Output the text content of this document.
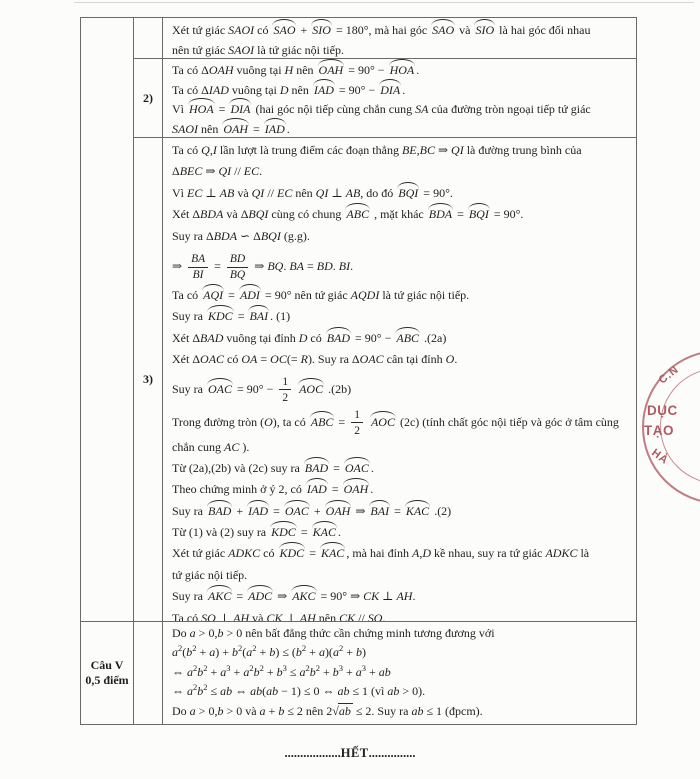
Xét tứ giác SAOI có SAO + SIO = 180°, mà hai góc SAO và SIO là hai góc đối nhau
nên tứ giác SAOI là tứ giác nội tiếp.
2)
Ta có ΔOAH vuông tại H nên OAH = 90° − HOA .
Ta có ΔIAD vuông tại D nên IAD = 90° − DIA .
Vì HOA = DIA (hai góc nội tiếp cùng chắn cung SA của đường tròn ngoại tiếp tứ giác
SAOI nên OAH = IAD .
3)
Ta có Q,I lần lượt là trung điểm các đoạn thẳng BE,BC ⇒ QI là đường trung bình của
ΔBEC ⇒ QI // EC.
Vì EC ⊥ AB và QI // EC nên QI ⊥ AB, do đó BQI = 90°.
Xét ΔBDA và ΔBQI cùng có chung ABC , mặt khác BDA = BQI = 90°.
Suy ra ΔBDA ∽ ΔBQI (g.g).
⇒ $\frac{BA}{BI} = \frac{BD}{BQ}$ ⇒ BQ. BA = BD. BI.
Ta có AQI = ADI = 90° nên tứ giác AQDI là tứ giác nội tiếp.
Suy ra KDC = BAI . (1)
Xét ΔBAD vuông tại đỉnh D có BAD = 90° − ABC .(2a)
Xét ΔOAC có OA = OC(= R). Suy ra ΔOAC cân tại đỉnh O.
Suy ra OAC = $90^\circ - \frac{1}{2}$ AOC .(2b)
Trong đường tròn (O), ta có ABC = $\frac{1}{2}$ AOC (2c) (tính chất góc nội tiếp và góc ở tâm cùng
chắn cung AC ).
Từ (2a),(2b) và (2c) suy ra BAD = OAC .
Theo chứng minh ở ý 2, có IAD = OAH .
Suy ra BAD + IAD = OAC + OAH ⇒ BAI = KAC .(2)
Từ (1) và (2) suy ra KDC = KAC .
Xét tứ giác ADKC có KDC = KAC , mà hai đỉnh A,D kề nhau, suy ra tứ giác ADKC là
tứ giác nội tiếp.
Suy ra AKC = ADC ⇒ AKC = 90° ⇒ CK ⊥ AH.
Ta có SO ⊥ AH và CK ⊥ AH nên CK // SO.
Câu V
0,5 điểm
Do a > 0,b > 0 nên bất đẳng thức cần chứng minh tương đương với
$a^2(b^2 + a) + b^2(a^2 + b) \le (b^2 + a)(a^2 + b)$
⇔ $a^2b^2 + a^3 + a^2b^2 + b^3 \le a^2b^2 + b^3 + a^3$ + ab
⇔ $a^2b^2$ ≤ ab ⇔ ab(ab − 1) ≤ 0 ⇔ ab ≤ 1 (vì ab > 0).
Do a > 0,b > 0 và a + b ≤ 2 nên 2√ab ≤ 2. Suy ra ab ≤ 1 (đpcm).
C.N
DỤC
TẠO
HÀ
..................HẾT...............
